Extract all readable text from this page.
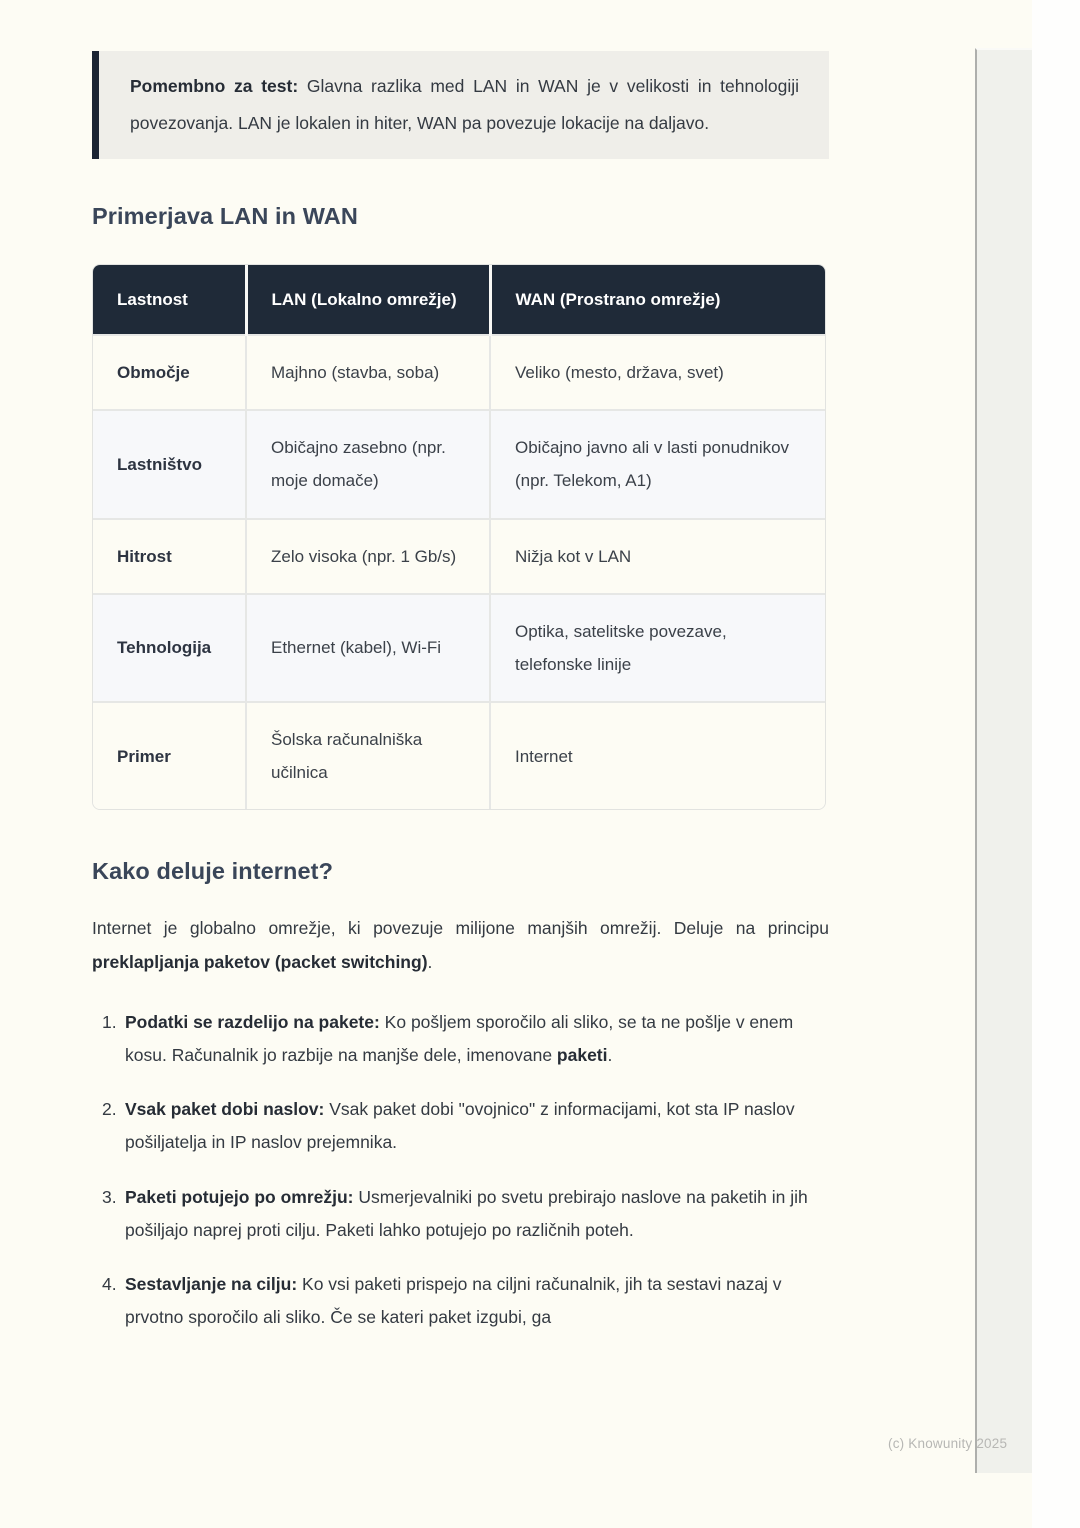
Pomembno za test: Glavna razlika med LAN in WAN je v velikosti in tehnologiji povezovanja. LAN je lokalen in hiter, WAN pa povezuje lokacije na daljavo.

Primerjava LAN in WAN
Lastnost	LAN (Lokalno omrežje)	WAN (Prostrano omrežje)
Območje	Majhno (stavba, soba)	Veliko (mesto, država, svet)
Lastništvo	Običajno zasebno (npr. moje domače)	Običajno javno ali v lasti ponudnikov (npr. Telekom, A1)
Hitrost	Zelo visoka (npr. 1 Gb/s)	Nižja kot v LAN
Tehnologija	Ethernet (kabel), Wi-Fi	Optika, satelitske povezave, telefonske linije
Primer	Šolska računalniška učilnica	Internet
Kako deluje internet?

Internet je globalno omrežje, ki povezuje milijone manjših omrežij. Deluje na principu preklapljanja paketov (packet switching).

1. Podatki se razdelijo na pakete: Ko pošljem sporočilo ali sliko, se ta ne pošlje v enem kosu. Računalnik jo razbije na manjše dele, imenovane paketi.
2. Vsak paket dobi naslov: Vsak paket dobi "ovojnico" z informacijami, kot sta IP naslov pošiljatelja in IP naslov prejemnika.
3. Paketi potujejo po omrežju: Usmerjevalniki po svetu prebirajo naslove na paketih in jih pošiljajo naprej proti cilju. Paketi lahko potujejo po različnih poteh.
4. Sestavljanje na cilju: Ko vsi paketi prispejo na ciljni računalnik, jih ta sestavi nazaj v prvotno sporočilo ali sliko. Če se kateri paket izgubi, ga
(c) Knowunity 2025
